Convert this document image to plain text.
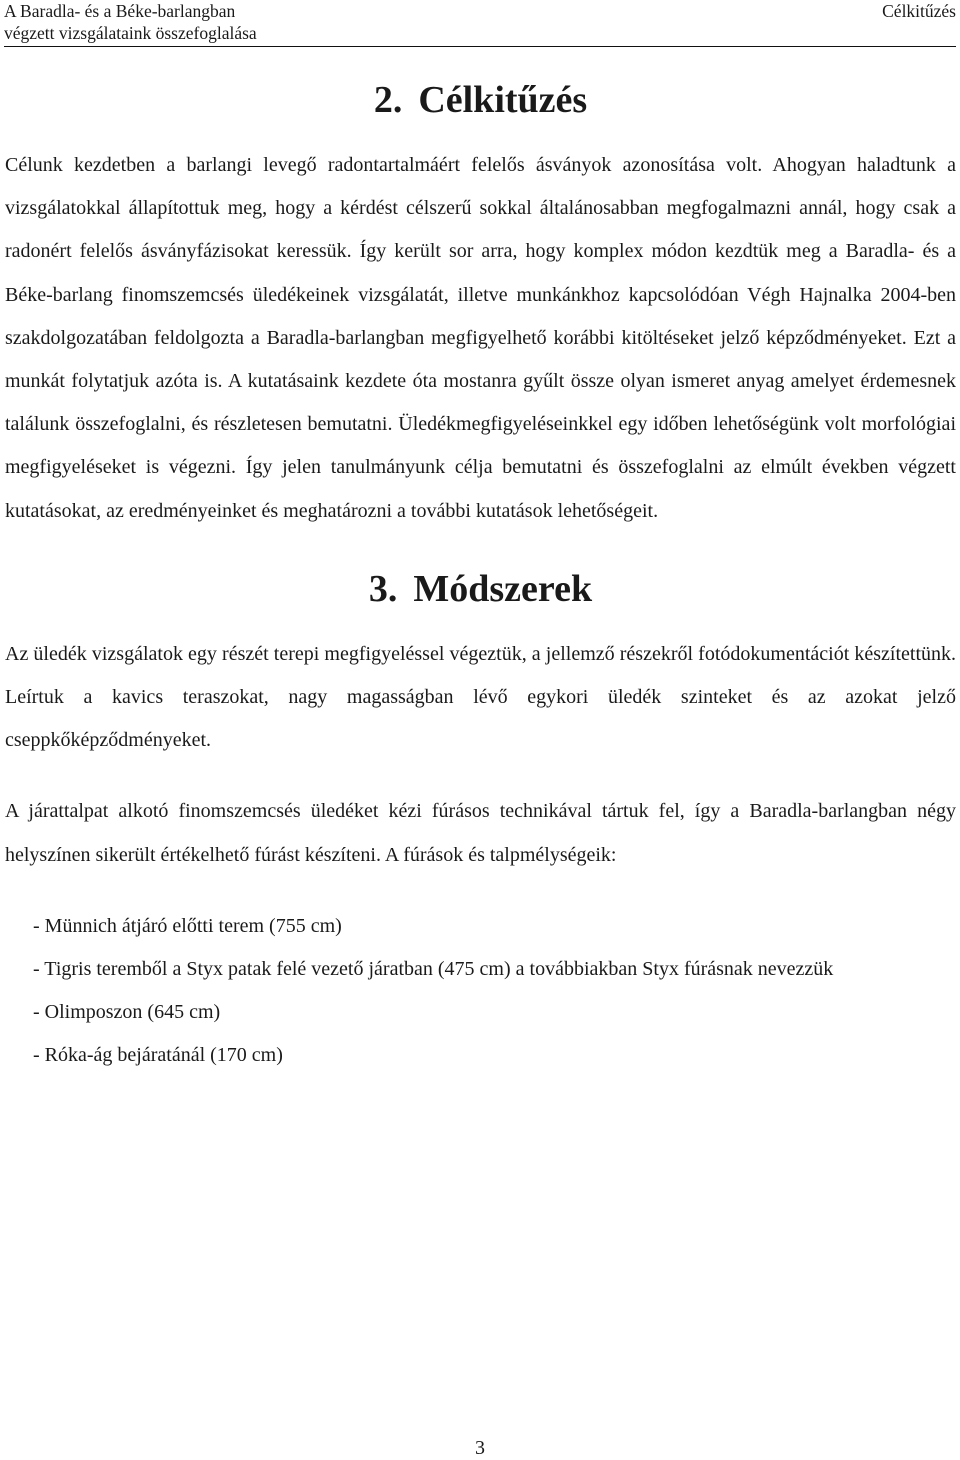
A Baradla- és a Béke-barlangban
végzett vizsgálataink összefoglalása
Célkitűzés
2. Célkitűzés

Célunk kezdetben a barlangi levegő radontartalmáért felelős ásványok azonosítása volt. Ahogyan haladtunk a vizsgálatokkal állapítottuk meg, hogy a kérdést célszerű sokkal általánosabban megfogalmazni annál, hogy csak a radonért felelős ásványfázisokat keressük. Így került sor arra, hogy komplex módon kezdtük meg a Baradla- és a Béke-barlang finomszemcsés üledékeinek vizsgálatát, illetve munkánkhoz kapcsolódóan Végh Hajnalka 2004-ben szakdolgozatában feldolgozta a Baradla-barlangban megfigyelhető korábbi kitöltéseket jelző képződményeket. Ezt a munkát folytatjuk azóta is. A kutatásaink kezdete óta mostanra gyűlt össze olyan ismeret anyag amelyet érdemesnek találunk összefoglalni, és részletesen bemutatni. Üledékmegfigyeléseinkkel egy időben lehetőségünk volt morfológiai megfigyeléseket is végezni. Így jelen tanulmányunk célja bemutatni és összefoglalni az elmúlt években végzett kutatásokat, az eredményeinket és meghatározni a további kutatások lehetőségeit.

3. Módszerek

Az üledék vizsgálatok egy részét terepi megfigyeléssel végeztük, a jellemző részekről fotódokumentációt készítettünk. Leírtuk a kavics teraszokat, nagy magasságban lévő egykori üledék szinteket és az azokat jelző cseppkőképződményeket.

A járattalpat alkotó finomszemcsés üledéket kézi fúrásos technikával tártuk fel, így a Baradla-barlangban négy helyszínen sikerült értékelhető fúrást készíteni. A fúrások és talpmélységeik:

- Münnich átjáró előtti terem (755 cm)
- Tigris teremből a Styx patak felé vezető járatban (475 cm) a továbbiakban Styx fúrásnak nevezzük
- Olimposzon (645 cm)
- Róka-ág bejáratánál (170 cm)
3
